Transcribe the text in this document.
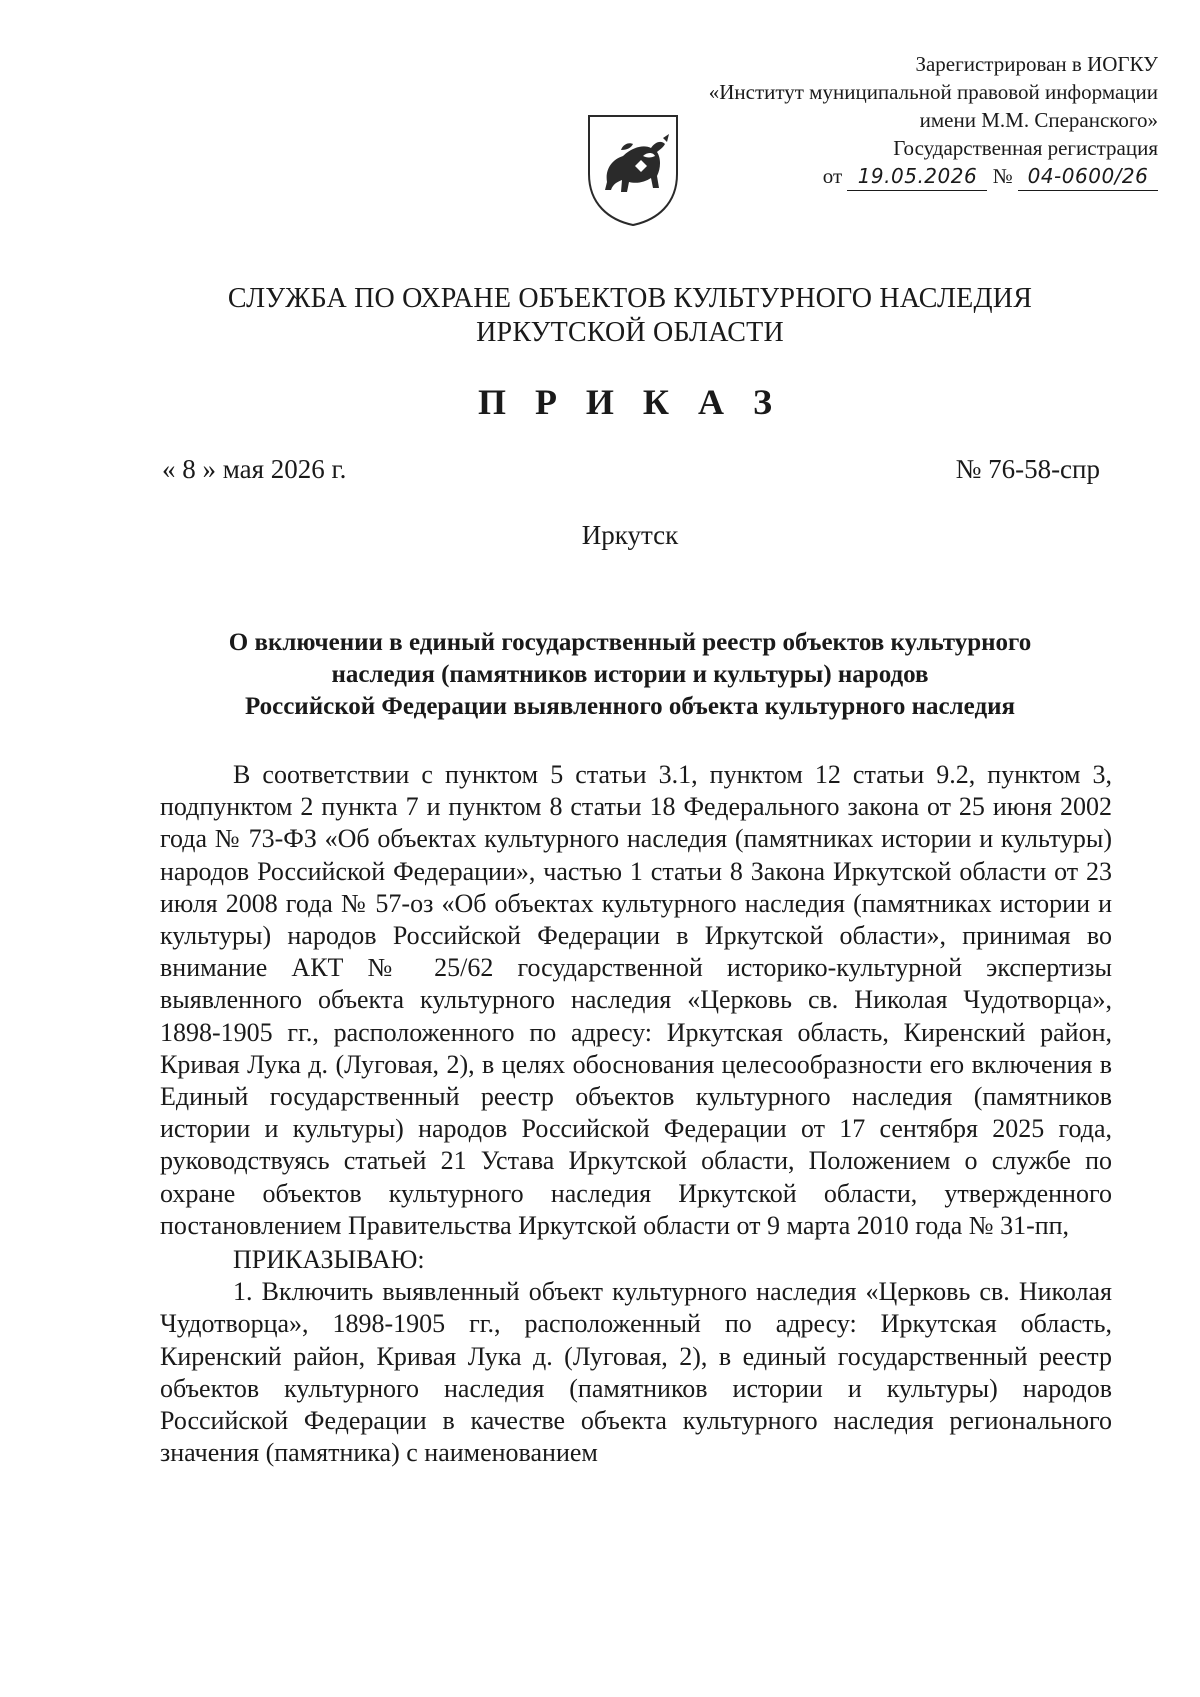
Зарегистрирован в ИОГКУ
«Институт муниципальной правовой информации
имени М.М. Сперанского»
Государственная регистрация
от 19.05.2026 № 04-0600/26
СЛУЖБА ПО ОХРАНЕ ОБЪЕКТОВ КУЛЬТУРНОГО НАСЛЕДИЯ
ИРКУТСКОЙ ОБЛАСТИ
П Р И К А З
« 8 » мая 2026 г.	№ 76-58-спр
Иркутск
О включении в единый государственный реестр объектов культурного
наследия (памятников истории и культуры) народов
Российской Федерации выявленного объекта культурного наследия

В соответствии с пунктом 5 статьи 3.1, пунктом 12 статьи 9.2, пунктом 3, подпунктом 2 пункта 7 и пунктом 8 статьи 18 Федерального закона от 25 июня 2002 года № 73-ФЗ «Об объектах культурного наследия (памятниках истории и культуры) народов Российской Федерации», частью 1 статьи 8 Закона Иркутской области от 23 июля 2008 года № 57-оз «Об объектах культурного наследия (памятниках истории и культуры) народов Российской Федерации в Иркутской области», принимая во внимание АКТ № 25/62 государственной историко-культурной экспертизы выявленного объекта культурного наследия «Церковь св. Николая Чудотворца», 1898-1905 гг., расположенного по адресу: Иркутская область, Киренский район, Кривая Лука д. (Луговая, 2), в целях обоснования целесообразности его включения в Единый государственный реестр объектов культурного наследия (памятников истории и культуры) народов Российской Федерации от 17 сентября 2025 года, руководствуясь статьей 21 Устава Иркутской области, Положением о службе по охране объектов культурного наследия Иркутской области, утвержденного постановлением Правительства Иркутской области от 9 марта 2010 года № 31-пп,

ПРИКАЗЫВАЮ:

1. Включить выявленный объект культурного наследия «Церковь св. Николая Чудотворца», 1898-1905 гг., расположенный по адресу: Иркутская область, Киренский район, Кривая Лука д. (Луговая, 2), в единый государственный реестр объектов культурного наследия (памятников истории и культуры) народов Российской Федерации в качестве объекта культурного наследия регионального значения (памятника) с наименованием
